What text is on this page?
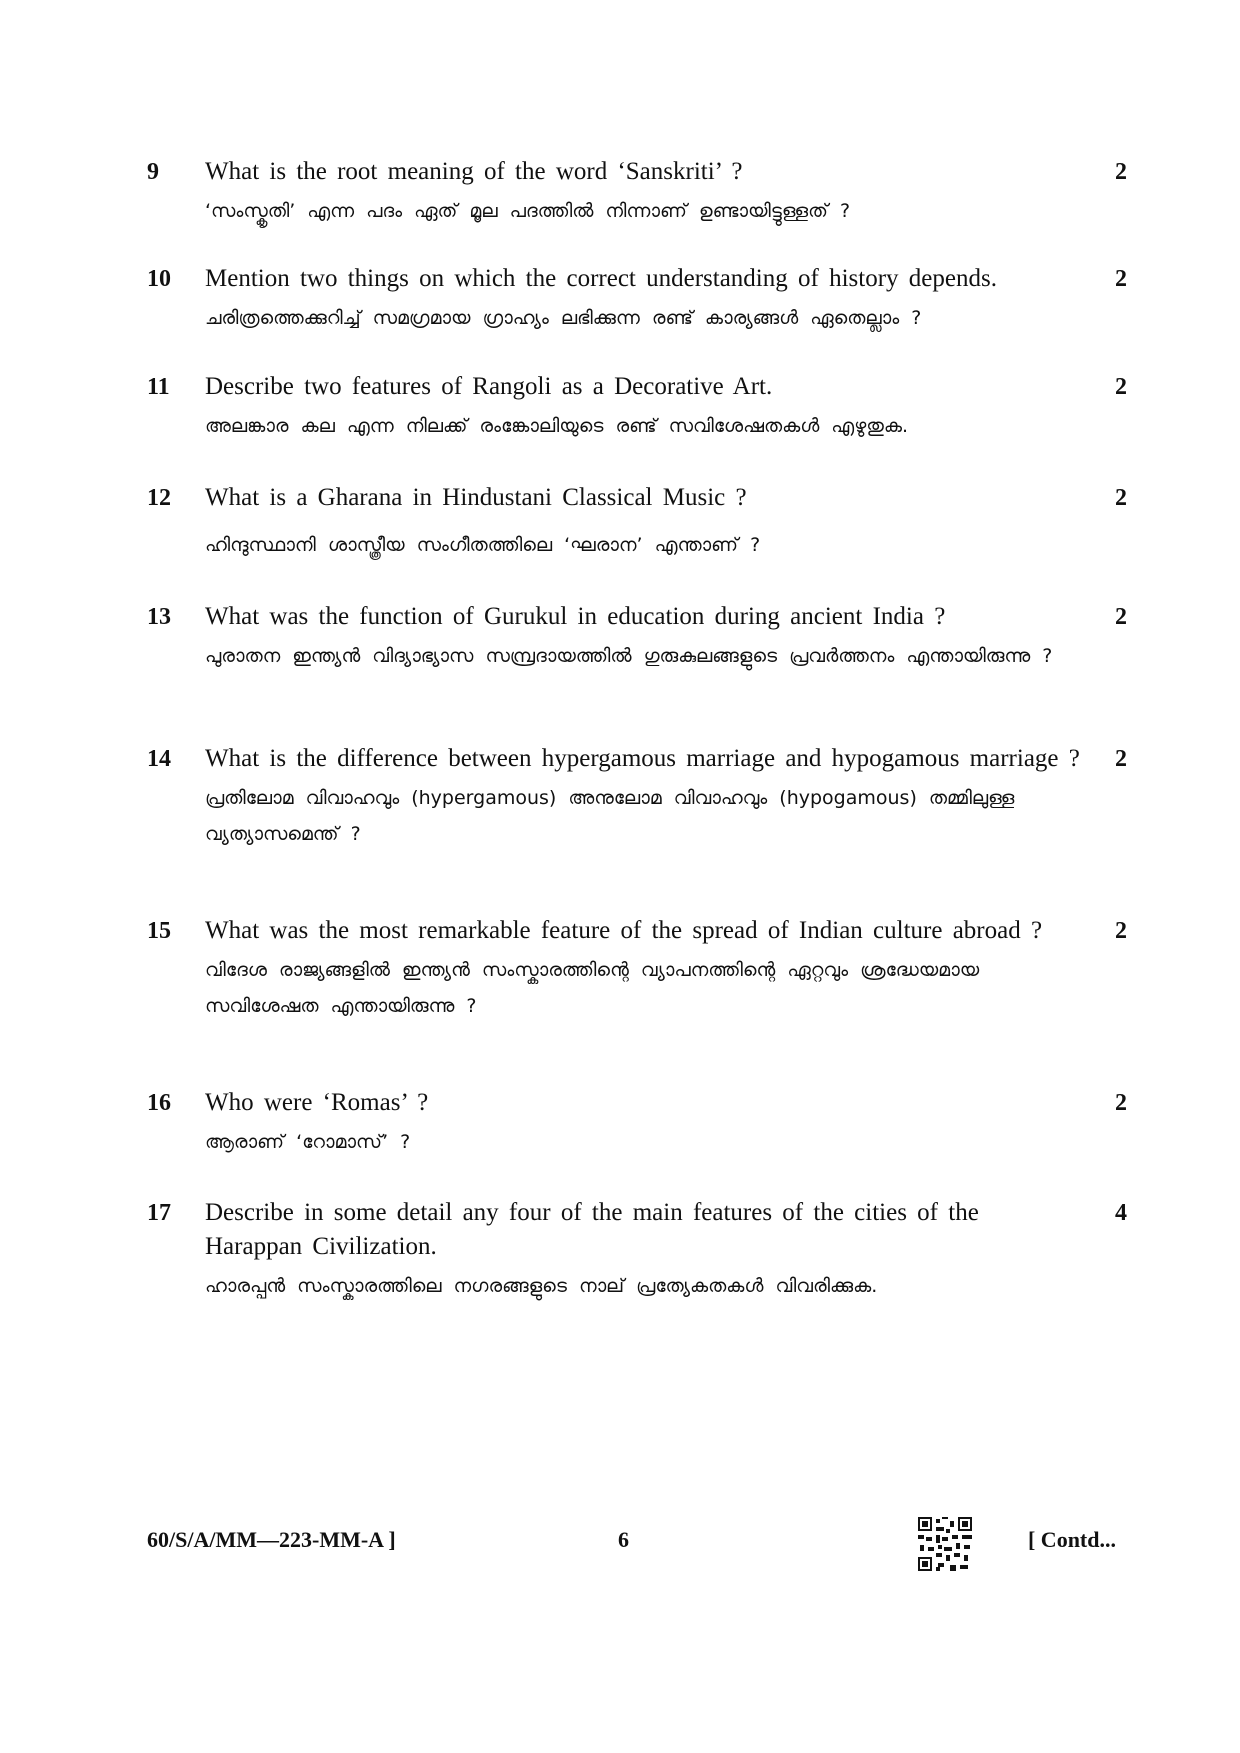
9	What is the root meaning of the word ‘Sanskriti’ ?

‘സംസ്കൃതി’ എന്ന പദം ഏത് മൂല പദത്തിൽ നിന്നാണ് ഉണ്ടായിട്ടുള്ളത് ?

2
10	Mention two things on which the correct understanding of history depends.

ചരിത്രത്തെക്കുറിച്ച് സമഗ്രമായ ഗ്രാഹ്യം ലഭിക്കുന്ന രണ്ട് കാര്യങ്ങൾ ഏതെല്ലാം ?

2
11	Describe two features of Rangoli as a Decorative Art.

അലങ്കാര കല എന്ന നിലക്ക് രംങ്കോലിയുടെ രണ്ട് സവിശേഷതകൾ എഴുതുക.

2
12	What is a Gharana in Hindustani Classical Music ?

ഹിന്ദുസ്ഥാനി ശാസ്ത്രീയ സംഗീതത്തിലെ ‘ഘരാന’ എന്താണ് ?

2
13	What was the function of Gurukul in education during ancient India ?

പുരാതന ഇന്ത്യൻ വിദ്യാഭ്യാസ സമ്പ്രദായത്തിൽ ഗുരുകുലങ്ങളുടെ പ്രവർത്തനം എന്തായിരുന്നു ?

2
14	What is the difference between hypergamous marriage and hypogamous marriage ?

പ്രതിലോമ വിവാഹവും (hypergamous) അനുലോമ വിവാഹവും (hypogamous) തമ്മിലുള്ള വ്യത്യാസമെന്ത് ?

2
15	What was the most remarkable feature of the spread of Indian culture abroad ?

വിദേശ രാജ്യങ്ങളിൽ ഇന്ത്യൻ സംസ്കാരത്തിന്റെ വ്യാപനത്തിന്റെ ഏറ്റവും ശ്രദ്ധേയമായ സവിശേഷത എന്തായിരുന്നു ?

2
16	Who were ‘Romas’ ?

ആരാണ് ‘റോമാസ്’ ?

2
17	Describe in some detail any four of the main features of the cities of the Harappan Civilization.

ഹാരപ്പൻ സംസ്കാരത്തിലെ നഗരങ്ങളുടെ നാല് പ്രത്യേകതകൾ വിവരിക്കുക.

4
60/S/A/MM—223-MM-A ]	6	[ Contd...
